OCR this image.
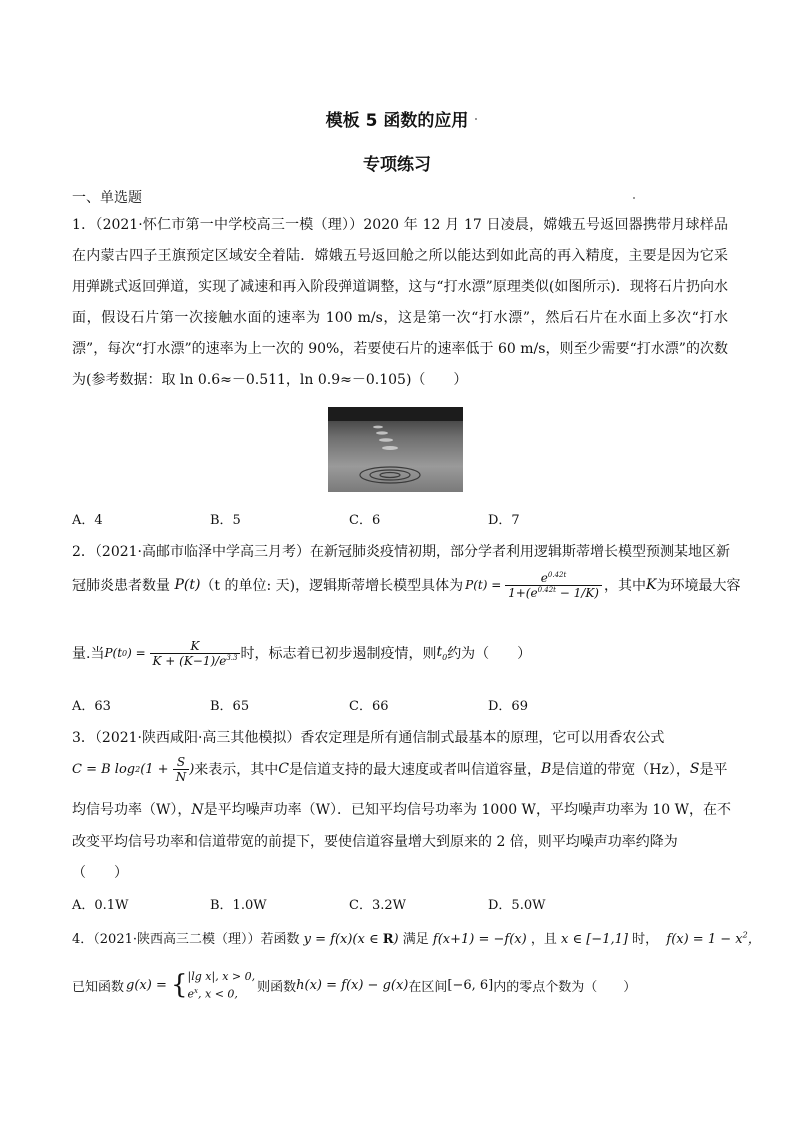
模板 5 函数的应用
专项练习
一、单选题
1．（2021·怀仁市第一中学校高三一模（理））2020 年 12 月 17 日凌晨，嫦娥五号返回器携带月球样品在内蒙古四子王旗预定区域安全着陆．嫦娥五号返回舱之所以能达到如此高的再入精度，主要是因为它采用弹跳式返回弹道，实现了减速和再入阶段弹道调整，这与“打水漂”原理类似(如图所示)．现将石片扔向水面，假设石片第一次接触水面的速率为 100 m/s，这是第一次“打水漂”，然后石片在水面上多次“打水漂”，每次“打水漂”的速率为上一次的 90%，若要使石片的速率低于 60 m/s，则至少需要“打水漂”的次数为(参考数据：取 ln 0.6≈－0.511，ln 0.9≈－0.105)（　　）
A．4	B．5	C．6	D．7
2．（2021·高邮市临泽中学高三月考）在新冠肺炎疫情初期，部分学者利用逻辑斯蒂增长模型预测某地区新
冠肺炎患者数量 P(t) （t 的单位: 天)，逻辑斯蒂增长模型具体为 $P(t) = \frac{e^{0.42t}}{1+(e^{0.42t} - 1/K)}$ ，其中 K 为环境最大容
量.当 P(t 0 ) = $\frac{K}{K + (K-1)/e^{3.3}}$ 时，标志着已初步遏制疫情，则 $t_0$ 约为（　　）
A．63	B．65	C．66	D．69
3．（2021·陕西咸阳·高三其他模拟）香农定理是所有通信制式最基本的原理，它可以用香农公式
C = B log 2 ($1 + \frac{S}{N}$ ) 来表示，其中 C 是信道支持的最大速度或者叫信道容量， B 是信道的带宽（Hz）， S 是平
均信号功率（W），N是平均噪声功率（W）．已知平均信号功率为 1000 W，平均噪声功率为 10 W，在不
改变平均信号功率和信道带宽的前提下，要使信道容量增大到原来的 2 倍，则平均噪声功率约降为
（　　）
A．0.1W	B．1.0W	C．3.2W	D．5.0W
4．（2021·陕西高三二模（理））若函数 y = f(x)(x ∈ R) 满足 f(x+1) = −f(x) ，且 x ∈ [−1,1] 时，  $f(x) = 1 - x^2$，
已知函数 g(x) = { |lg x|, x > 0,
$e^x$, x < 0,	则函数 h(x) = f(x) − g(x) 在区间 [−6, 6] 内的零点个数为（　　）
